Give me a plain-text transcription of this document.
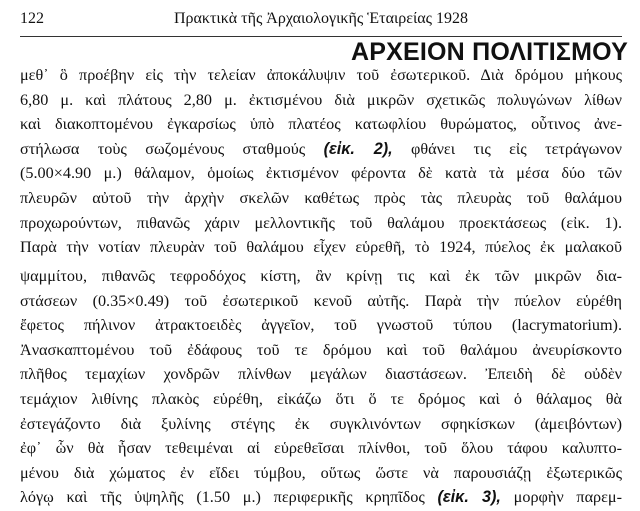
122	Πρακτικὰ τῆς Ἀρχαιολογικῆς Ἑταιρείας 1928
ΑΡΧΕΙΟΝ ΠΟΛΙΤΙΣΜΟΥ
μεθ᾽ ὃ προέβην εἰς τὴν τελείαν ἀποκάλυψιν τοῦ ἐσωτερικοῦ. Διὰ δρόμου μήκους
6,80 μ. καὶ πλάτους 2,80 μ. ἐκτισμένου διὰ μικρῶν σχετικῶς πολυγώνων λίθων
καὶ διακοπτομένου ἐγκαρσίως ὑπὸ πλατέος κατωφλίου θυρώματος, οὗτινος ἀνε-
στήλωσα τοὺς σωζομένους σταθμούς (εἰκ. 2), φθάνει τις εἰς τετράγωνον
(5.00×4.90 μ.) θάλαμον, ὁμοίως ἐκτισμένον φέροντα δὲ κατὰ τὰ μέσα δύο τῶν
πλευρῶν αὐτοῦ τὴν ἀρχὴν σκελῶν καθέτως πρὸς τὰς πλευρὰς τοῦ θαλάμου
προχωρούντων, πιθανῶς χάριν μελλοντικῆς τοῦ θαλάμου προεκτάσεως (εἰκ. 1).
Παρὰ τὴν νοτίαν πλευρὰν τοῦ θαλάμου εἶχεν εὑρεθῆ, τὸ 1924, πύελος ἐκ μαλακοῦ
ψαμμίτου, πιθανῶς τεφροδόχος κίστη, ἂν κρίνῃ τις καὶ ἐκ τῶν μικρῶν δια-
στάσεων (0.35×0.49) τοῦ ἐσωτερικοῦ κενοῦ αὐτῆς. Παρὰ τὴν πύελον εὑρέθη
ἔφετος πήλινον ἀτρακτοειδὲς ἀγγεῖον, τοῦ γνωστοῦ τύπου (lacrymatorium).
Ἀνασκαπτομένου τοῦ ἐδάφους τοῦ τε δρόμου καὶ τοῦ θαλάμου ἀνευρίσκοντο
πλῆθος τεμαχίων χονδρῶν πλίνθων μεγάλων διαστάσεων. Ἐπειδὴ δὲ οὐδὲν
τεμάχιον λιθίνης πλακὸς εὑρέθη, εἰκάζω ὅτι ὅ τε δρόμος καὶ ὁ θάλαμος θὰ
ἐστεγάζοντο διὰ ξυλίνης στέγης ἐκ συγκλινόντων σφηκίσκων (ἀμειβόντων)
ἐφ᾽ ὧν θὰ ἦσαν τεθειμέναι αἱ εὑρεθεῖσαι πλίνθοι, τοῦ ὅλου τάφου καλυπτο-
μένου διὰ χώματος ἐν εἴδει τύμβου, οὕτως ὥστε νὰ παρουσιάζῃ ἐξωτερικῶς
λόγῳ καὶ τῆς ὑψηλῆς (1.50 μ.) περιφερικῆς κρηπῖδος (εἰκ. 3), μορφὴν παρεμ-
